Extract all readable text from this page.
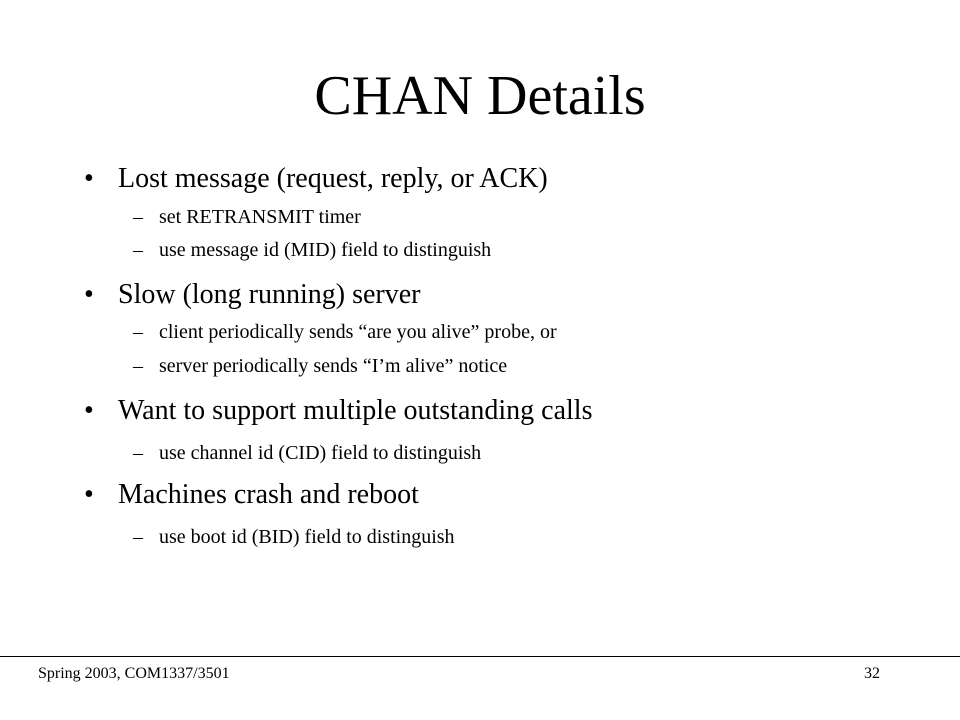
CHAN Details
• Lost message (request, reply, or ACK)
– set RETRANSMIT timer
– use message id (MID) field to distinguish
• Slow (long running) server
– client periodically sends “are you alive” probe, or
– server periodically sends “I’m alive” notice
• Want to support multiple outstanding calls
– use channel id (CID) field to distinguish
• Machines crash and reboot
– use boot id (BID) field to distinguish
Spring 2003, COM1337/3501	32
